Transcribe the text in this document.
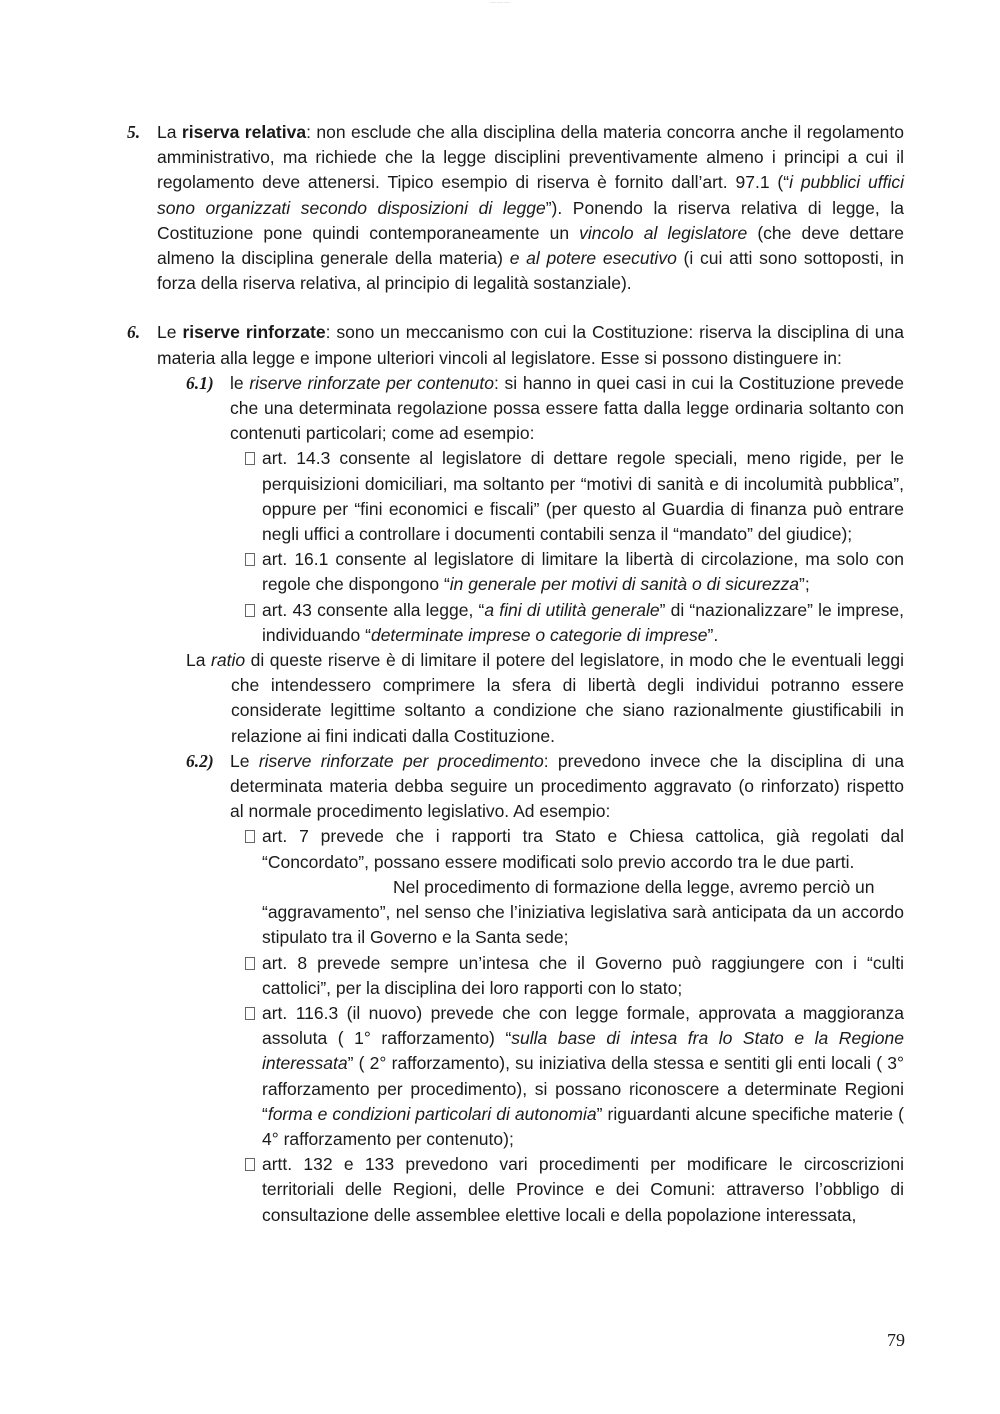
—— —— ——
5. La riserva relativa: non esclude che alla disciplina della materia concorra anche il regolamento amministrativo, ma richiede che la legge disciplini preventivamente almeno i principi a cui il regolamento deve attenersi. Tipico esempio di riserva è fornito dall’art. 97.1 (“i pubblici uffici sono organizzati secondo disposizioni di legge”). Ponendo la riserva relativa di legge, la Costituzione pone quindi contemporaneamente un vincolo al legislatore (che deve dettare almeno la disciplina generale della materia) e al potere esecutivo (i cui atti sono sottoposti, in forza della riserva relativa, al principio di legalità sostanziale).

6. Le riserve rinforzate: sono un meccanismo con cui la Costituzione: riserva la disciplina di una materia alla legge e impone ulteriori vincoli al legislatore. Esse si possono distinguere in:

6.1) le riserve rinforzate per contenuto: si hanno in quei casi in cui la Costituzione prevede che una determinata regolazione possa essere fatta dalla legge ordinaria soltanto con contenuti particolari; come ad esempio:
art. 14.3 consente al legislatore di dettare regole speciali, meno rigide, per le perquisizioni domiciliari, ma soltanto per “motivi di sanità e di incolumità pubblica”, oppure per “fini economici e fiscali” (per questo al Guardia di finanza può entrare negli uffici a controllare i documenti contabili senza il “mandato” del giudice);
art. 16.1 consente al legislatore di limitare la libertà di circolazione, ma solo con regole che dispongono “in generale per motivi di sanità o di sicurezza”;
art. 43 consente alla legge, “a fini di utilità generale” di “nazionalizzare” le imprese, individuando “determinate imprese o categorie di imprese”.
La ratio di queste riserve è di limitare il potere del legislatore, in modo che le eventuali leggi che intendessero comprimere la sfera di libertà degli individui potranno essere considerate legittime soltanto a condizione che siano razionalmente giustificabili in relazione ai fini indicati dalla Costituzione.
6.2) Le riserve rinforzate per procedimento: prevedono invece che la disciplina di una determinata materia debba seguire un procedimento aggravato (o rinforzato) rispetto al normale procedimento legislativo. Ad esempio:
art. 7 prevede che i rapporti tra Stato e Chiesa cattolica, già regolati dal “Concordato”, possano essere modificati solo previo accordo tra le due parti.
Nel procedimento di formazione della legge, avremo perciò un
“aggravamento”, nel senso che l’iniziativa legislativa sarà anticipata da un accordo stipulato tra il Governo e la Santa sede;
art. 8 prevede sempre un’intesa che il Governo può raggiungere con i “culti cattolici”, per la disciplina dei loro rapporti con lo stato;
art. 116.3 (il nuovo) prevede che con legge formale, approvata a maggioranza assoluta ( 1° rafforzamento) “sulla base di intesa fra lo Stato e la Regione interessata” ( 2° rafforzamento), su iniziativa della stessa e sentiti gli enti locali ( 3° rafforzamento per procedimento), si possano riconoscere a determinate Regioni “forma e condizioni particolari di autonomia” riguardanti alcune specifiche materie ( 4° rafforzamento per contenuto);
artt. 132 e 133 prevedono vari procedimenti per modificare le circoscrizioni territoriali delle Regioni, delle Province e dei Comuni: attraverso l’obbligo di consultazione delle assemblee elettive locali e della popolazione interessata,
79
